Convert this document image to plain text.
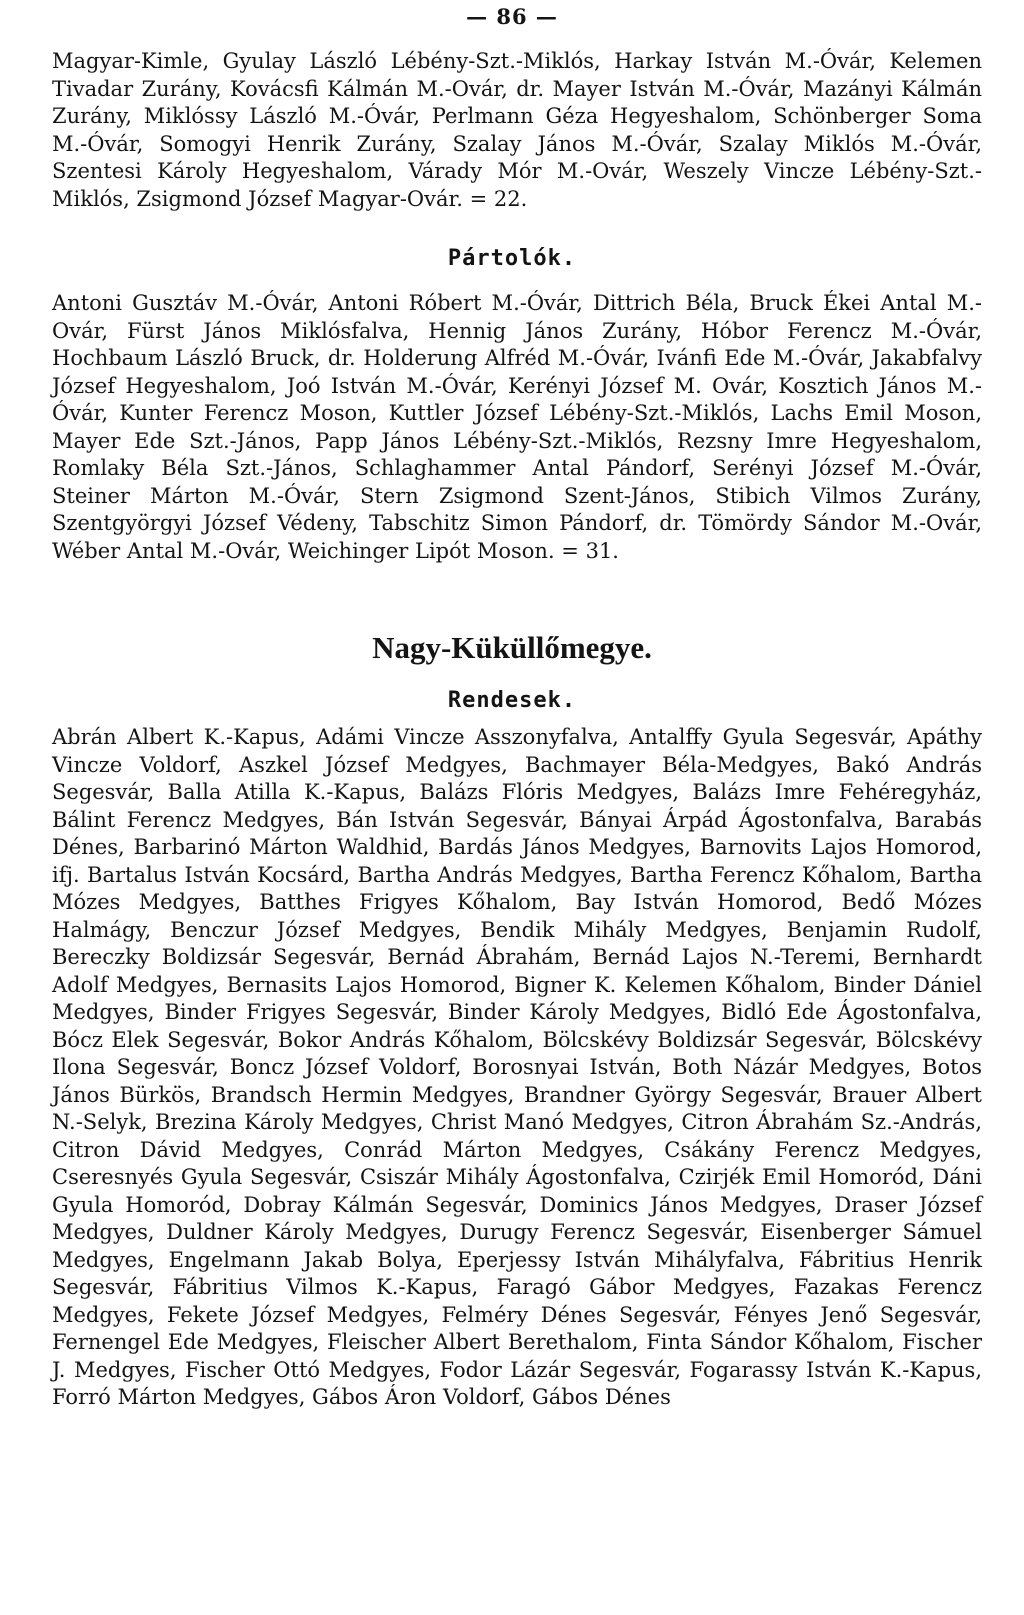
— 86 —

Magyar-Kimle, Gyulay László Lébény-Szt.-Miklós, Harkay István M.-Óvár, Kelemen Tivadar Zurány, Kovácsfi Kálmán M.-Ovár, dr. Mayer István M.-Óvár, Mazányi Kálmán Zurány, Miklóssy László M.-Óvár, Perlmann Géza Hegyeshalom, Schönberger Soma M.-Óvár, Somogyi Henrik Zurány, Szalay János M.-Óvár, Szalay Miklós M.-Óvár, Szentesi Károly Hegyeshalom, Várady Mór M.-Ovár, Weszely Vincze Lébény-Szt.-Miklós, Zsigmond József Magyar-Ovár. = 22.

Pártolók.

Antoni Gusztáv M.-Óvár, Antoni Róbert M.-Óvár, Dittrich Béla, Bruck Ékei Antal M.-Ovár, Fürst János Miklósfalva, Hennig János Zurány, Hóbor Ferencz M.-Óvár, Hochbaum László Bruck, dr. Holderung Alfréd M.-Óvár, Ivánfi Ede M.-Óvár, Jakabfalvy József Hegyeshalom, Joó István M.-Óvár, Kerényi József M. Ovár, Kosztich János M.-Óvár, Kunter Ferencz Moson, Kuttler József Lébény-Szt.-Miklós, Lachs Emil Moson, Mayer Ede Szt.-János, Papp János Lébény-Szt.-Miklós, Rezsny Imre Hegyeshalom, Romlaky Béla Szt.-János, Schlaghammer Antal Pándorf, Serényi József M.-Óvár, Steiner Márton M.-Óvár, Stern Zsigmond Szent-János, Stibich Vilmos Zurány, Szentgyörgyi József Védeny, Tabschitz Simon Pándorf, dr. Tömördy Sándor M.-Ovár, Wéber Antal M.-Ovár, Weichinger Lipót Moson. = 31.

Nagy-Küküllőmegye.
Rendesek.

Abrán Albert K.-Kapus, Adámi Vincze Asszonyfalva, Antalffy Gyula Segesvár, Apáthy Vincze Voldorf, Aszkel József Medgyes, Bachmayer Béla-Medgyes, Bakó András Segesvár, Balla Atilla K.-Kapus, Balázs Flóris Medgyes, Balázs Imre Fehéregyház, Bálint Ferencz Medgyes, Bán István Segesvár, Bányai Árpád Ágostonfalva, Barabás Dénes, Barbarinó Márton Waldhid, Bardás János Medgyes, Barnovits Lajos Homorod, ifj. Bartalus István Kocsárd, Bartha András Medgyes, Bartha Ferencz Kőhalom, Bartha Mózes Medgyes, Batthes Frigyes Kőhalom, Bay István Homorod, Bedő Mózes Halmágy, Benczur József Medgyes, Bendik Mihály Medgyes, Benjamin Rudolf, Bereczky Boldizsár Segesvár, Bernád Ábrahám, Bernád Lajos N.-Teremi, Bernhardt Adolf Medgyes, Bernasits Lajos Homorod, Bigner K. Kelemen Kőhalom, Binder Dániel Medgyes, Binder Frigyes Segesvár, Binder Károly Medgyes, Bidló Ede Ágostonfalva, Bócz Elek Segesvár, Bokor András Kőhalom, Bölcskévy Boldizsár Segesvár, Bölcskévy Ilona Segesvár, Boncz József Voldorf, Borosnyai István, Both Názár Medgyes, Botos János Bürkös, Brandsch Hermin Medgyes, Brandner György Segesvár, Brauer Albert N.-Selyk, Brezina Károly Medgyes, Christ Manó Medgyes, Citron Ábrahám Sz.-András, Citron Dávid Medgyes, Conrád Márton Medgyes, Csákány Ferencz Medgyes, Cseresnyés Gyula Segesvár, Csiszár Mihály Ágostonfalva, Czirjék Emil Homoród, Dáni Gyula Homoród, Dobray Kálmán Segesvár, Dominics János Medgyes, Draser József Medgyes, Duldner Károly Medgyes, Durugy Ferencz Segesvár, Eisenberger Sámuel Medgyes, Engelmann Jakab Bolya, Eperjessy István Mihályfalva, Fábritius Henrik Segesvár, Fábritius Vilmos K.-Kapus, Faragó Gábor Medgyes, Fazakas Ferencz Medgyes, Fekete József Medgyes, Felméry Dénes Segesvár, Fényes Jenő Segesvár, Fernengel Ede Medgyes, Fleischer Albert Berethalom, Finta Sándor Kőhalom, Fischer J. Medgyes, Fischer Ottó Medgyes, Fodor Lázár Segesvár, Fogarassy István K.-Kapus, Forró Márton Medgyes, Gábos Áron Voldorf, Gábos Dénes
